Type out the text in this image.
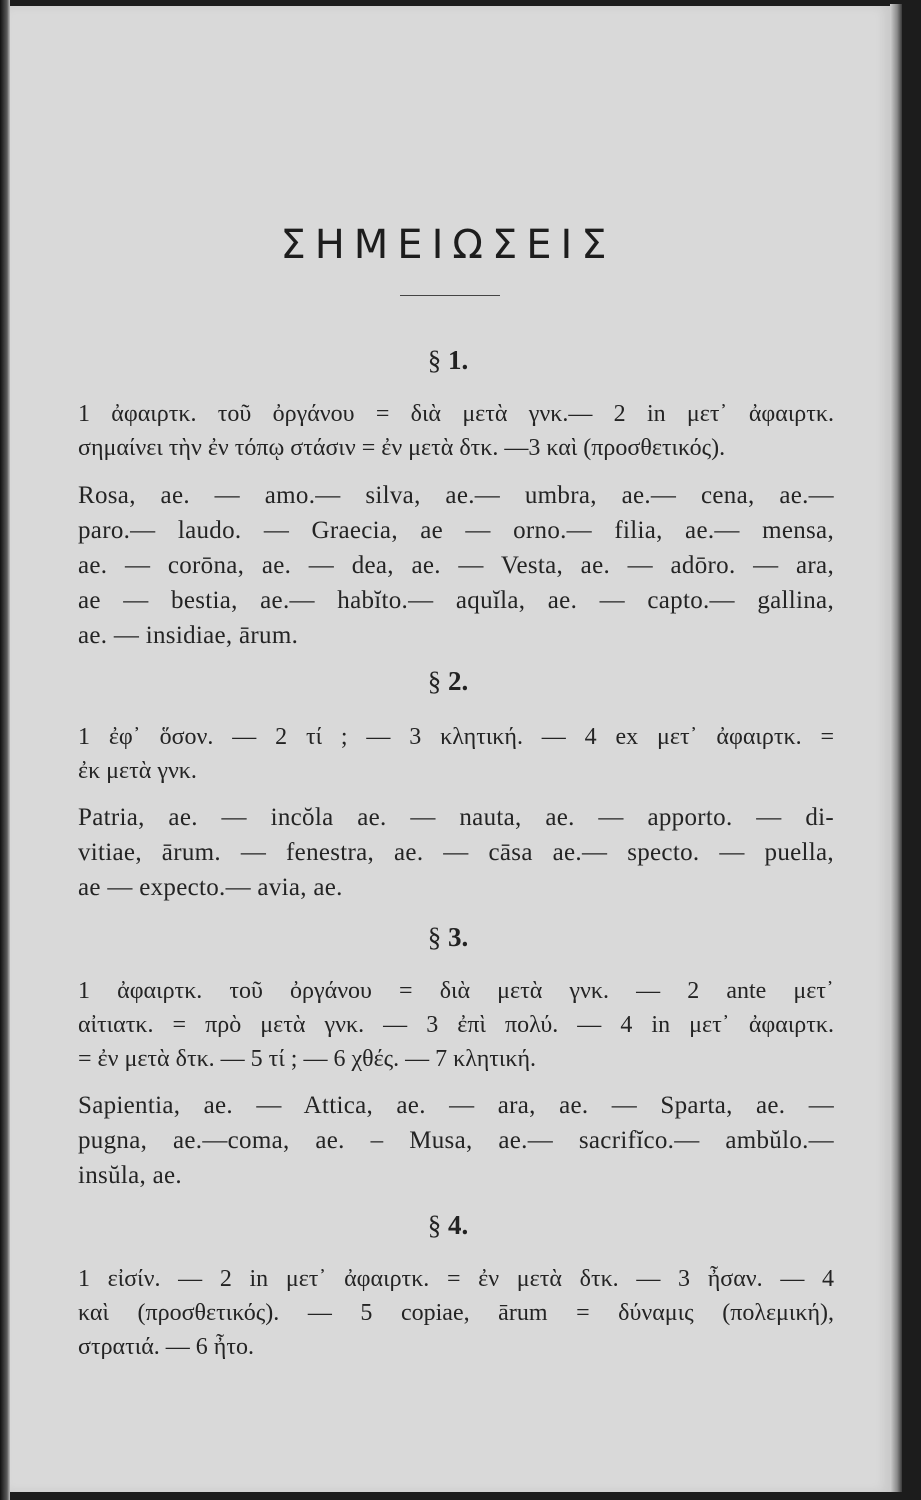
ΣΗΜΕΙΩΣΕΙΣ
§ 1.
1 ἀφαιρτκ. τοῦ ὀργάνου = διὰ μετὰ γνκ.— 2 in μετ᾽ ἀφαιρτκ.
σημαίνει τὴν ἐν τόπῳ στάσιν = ἐν μετὰ δτκ. —3 καὶ (προσθετικός).
Rosa, ae. — amo.— silva, ae.— umbra, ae.— cena, ae.—
paro.— laudo. — Graecia, ae — orno.— filia, ae.— mensa,
ae. — corōna, ae. — dea, ae. — Vesta, ae. — adōro. — ara,
ae — bestia, ae.— habĭto.— aquĭla, ae. — capto.— gallina,
ae. — insidiae, ārum.
§ 2.
1 ἐφ᾽ ὅσον. — 2 τί ; — 3 κλητική. — 4 ex μετ᾽ ἀφαιρτκ. =
ἐκ μετὰ γνκ.
Patria, ae. — incŏla ae. — nauta, ae. — apporto. — di-
vitiae, ārum. — fenestra, ae. — cāsa ae.— specto. — puella,
ae — expecto.— avia, ae.
§ 3.
1 ἀφαιρτκ. τοῦ ὀργάνου = διὰ μετὰ γνκ. — 2 ante μετ᾽
αἰτιατκ. = πρὸ μετὰ γνκ. — 3 ἐπὶ πολύ. — 4 in μετ᾽ ἀφαιρτκ.
= ἐν μετὰ δτκ. — 5 τί ; — 6 χθές. — 7 κλητική.
Sapientia, ae. — Attica, ae. — ara, ae. — Sparta, ae. —
pugna, ae.—coma, ae. – Musa, ae.— sacrifĭco.— ambŭlo.—
insŭla, ae.
§ 4.
1 εἰσίν. — 2 in μετ᾽ ἀφαιρτκ. = ἐν μετὰ δτκ. — 3 ἦσαν. — 4
καὶ (προσθετικός). — 5 copiae, ārum = δύναμις (πολεμική),
στρατιά. — 6 ἦτο.
